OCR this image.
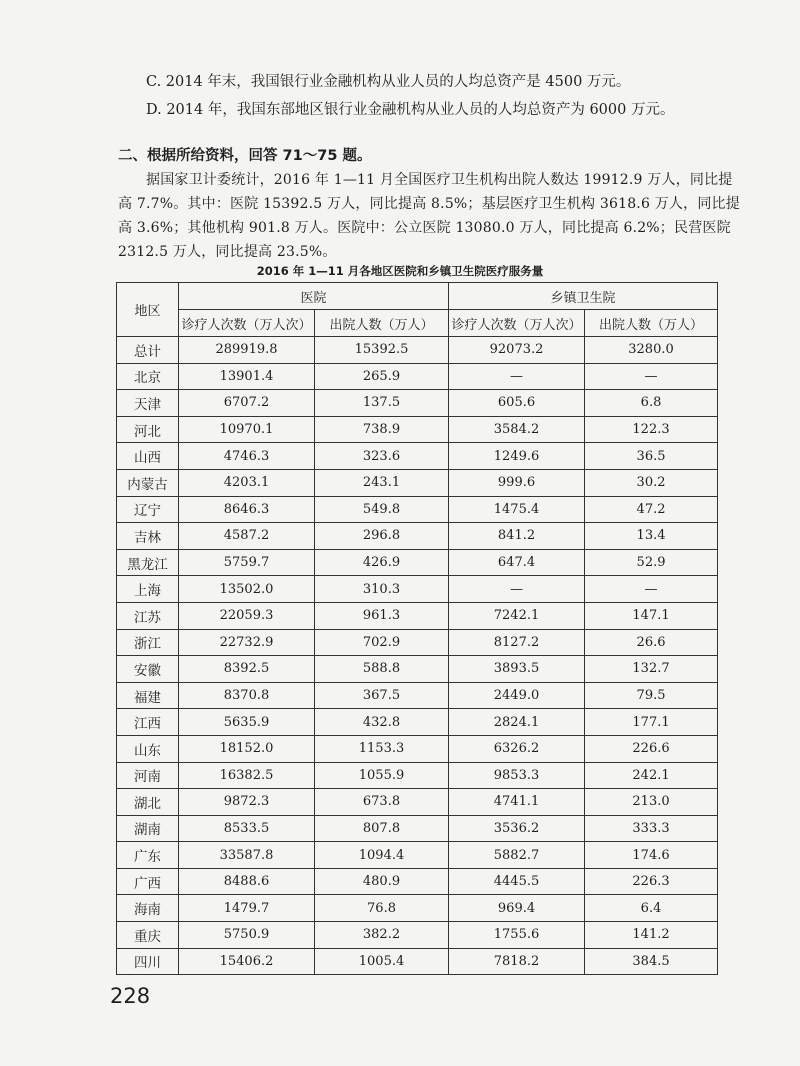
C. 2014 年末，我国银行业金融机构从业人员的人均总资产是 4500 万元。
D. 2014 年，我国东部地区银行业金融机构从业人员的人均总资产为 6000 万元。
二、根据所给资料，回答 71～75 题。
据国家卫计委统计，2016 年 1—11 月全国医疗卫生机构出院人数达 19912.9 万人，同比提
高 7.7%。其中：医院 15392.5 万人，同比提高 8.5%；基层医疗卫生机构 3618.6 万人，同比提
高 3.6%；其他机构 901.8 万人。医院中：公立医院 13080.0 万人，同比提高 6.2%；民营医院
2312.5 万人，同比提高 23.5%。
2016 年 1—11 月各地区医院和乡镇卫生院医疗服务量
地区	医院		乡镇卫生院	
	诊疗人次数（万人次）	出院人数（万人）	诊疗人次数（万人次）	出院人数（万人）
总计	289919.8	15392.5	92073.2	3280.0
北京	13901.4	265.9	—	—
天津	6707.2	137.5	605.6	6.8
河北	10970.1	738.9	3584.2	122.3
山西	4746.3	323.6	1249.6	36.5
内蒙古	4203.1	243.1	999.6	30.2
辽宁	8646.3	549.8	1475.4	47.2
吉林	4587.2	296.8	841.2	13.4
黑龙江	5759.7	426.9	647.4	52.9
上海	13502.0	310.3	—	—
江苏	22059.3	961.3	7242.1	147.1
浙江	22732.9	702.9	8127.2	26.6
安徽	8392.5	588.8	3893.5	132.7
福建	8370.8	367.5	2449.0	79.5
江西	5635.9	432.8	2824.1	177.1
山东	18152.0	1153.3	6326.2	226.6
河南	16382.5	1055.9	9853.3	242.1
湖北	9872.3	673.8	4741.1	213.0
湖南	8533.5	807.8	3536.2	333.3
广东	33587.8	1094.4	5882.7	174.6
广西	8488.6	480.9	4445.5	226.3
海南	1479.7	76.8	969.4	6.4
重庆	5750.9	382.2	1755.6	141.2
四川	15406.2	1005.4	7818.2	384.5
228
